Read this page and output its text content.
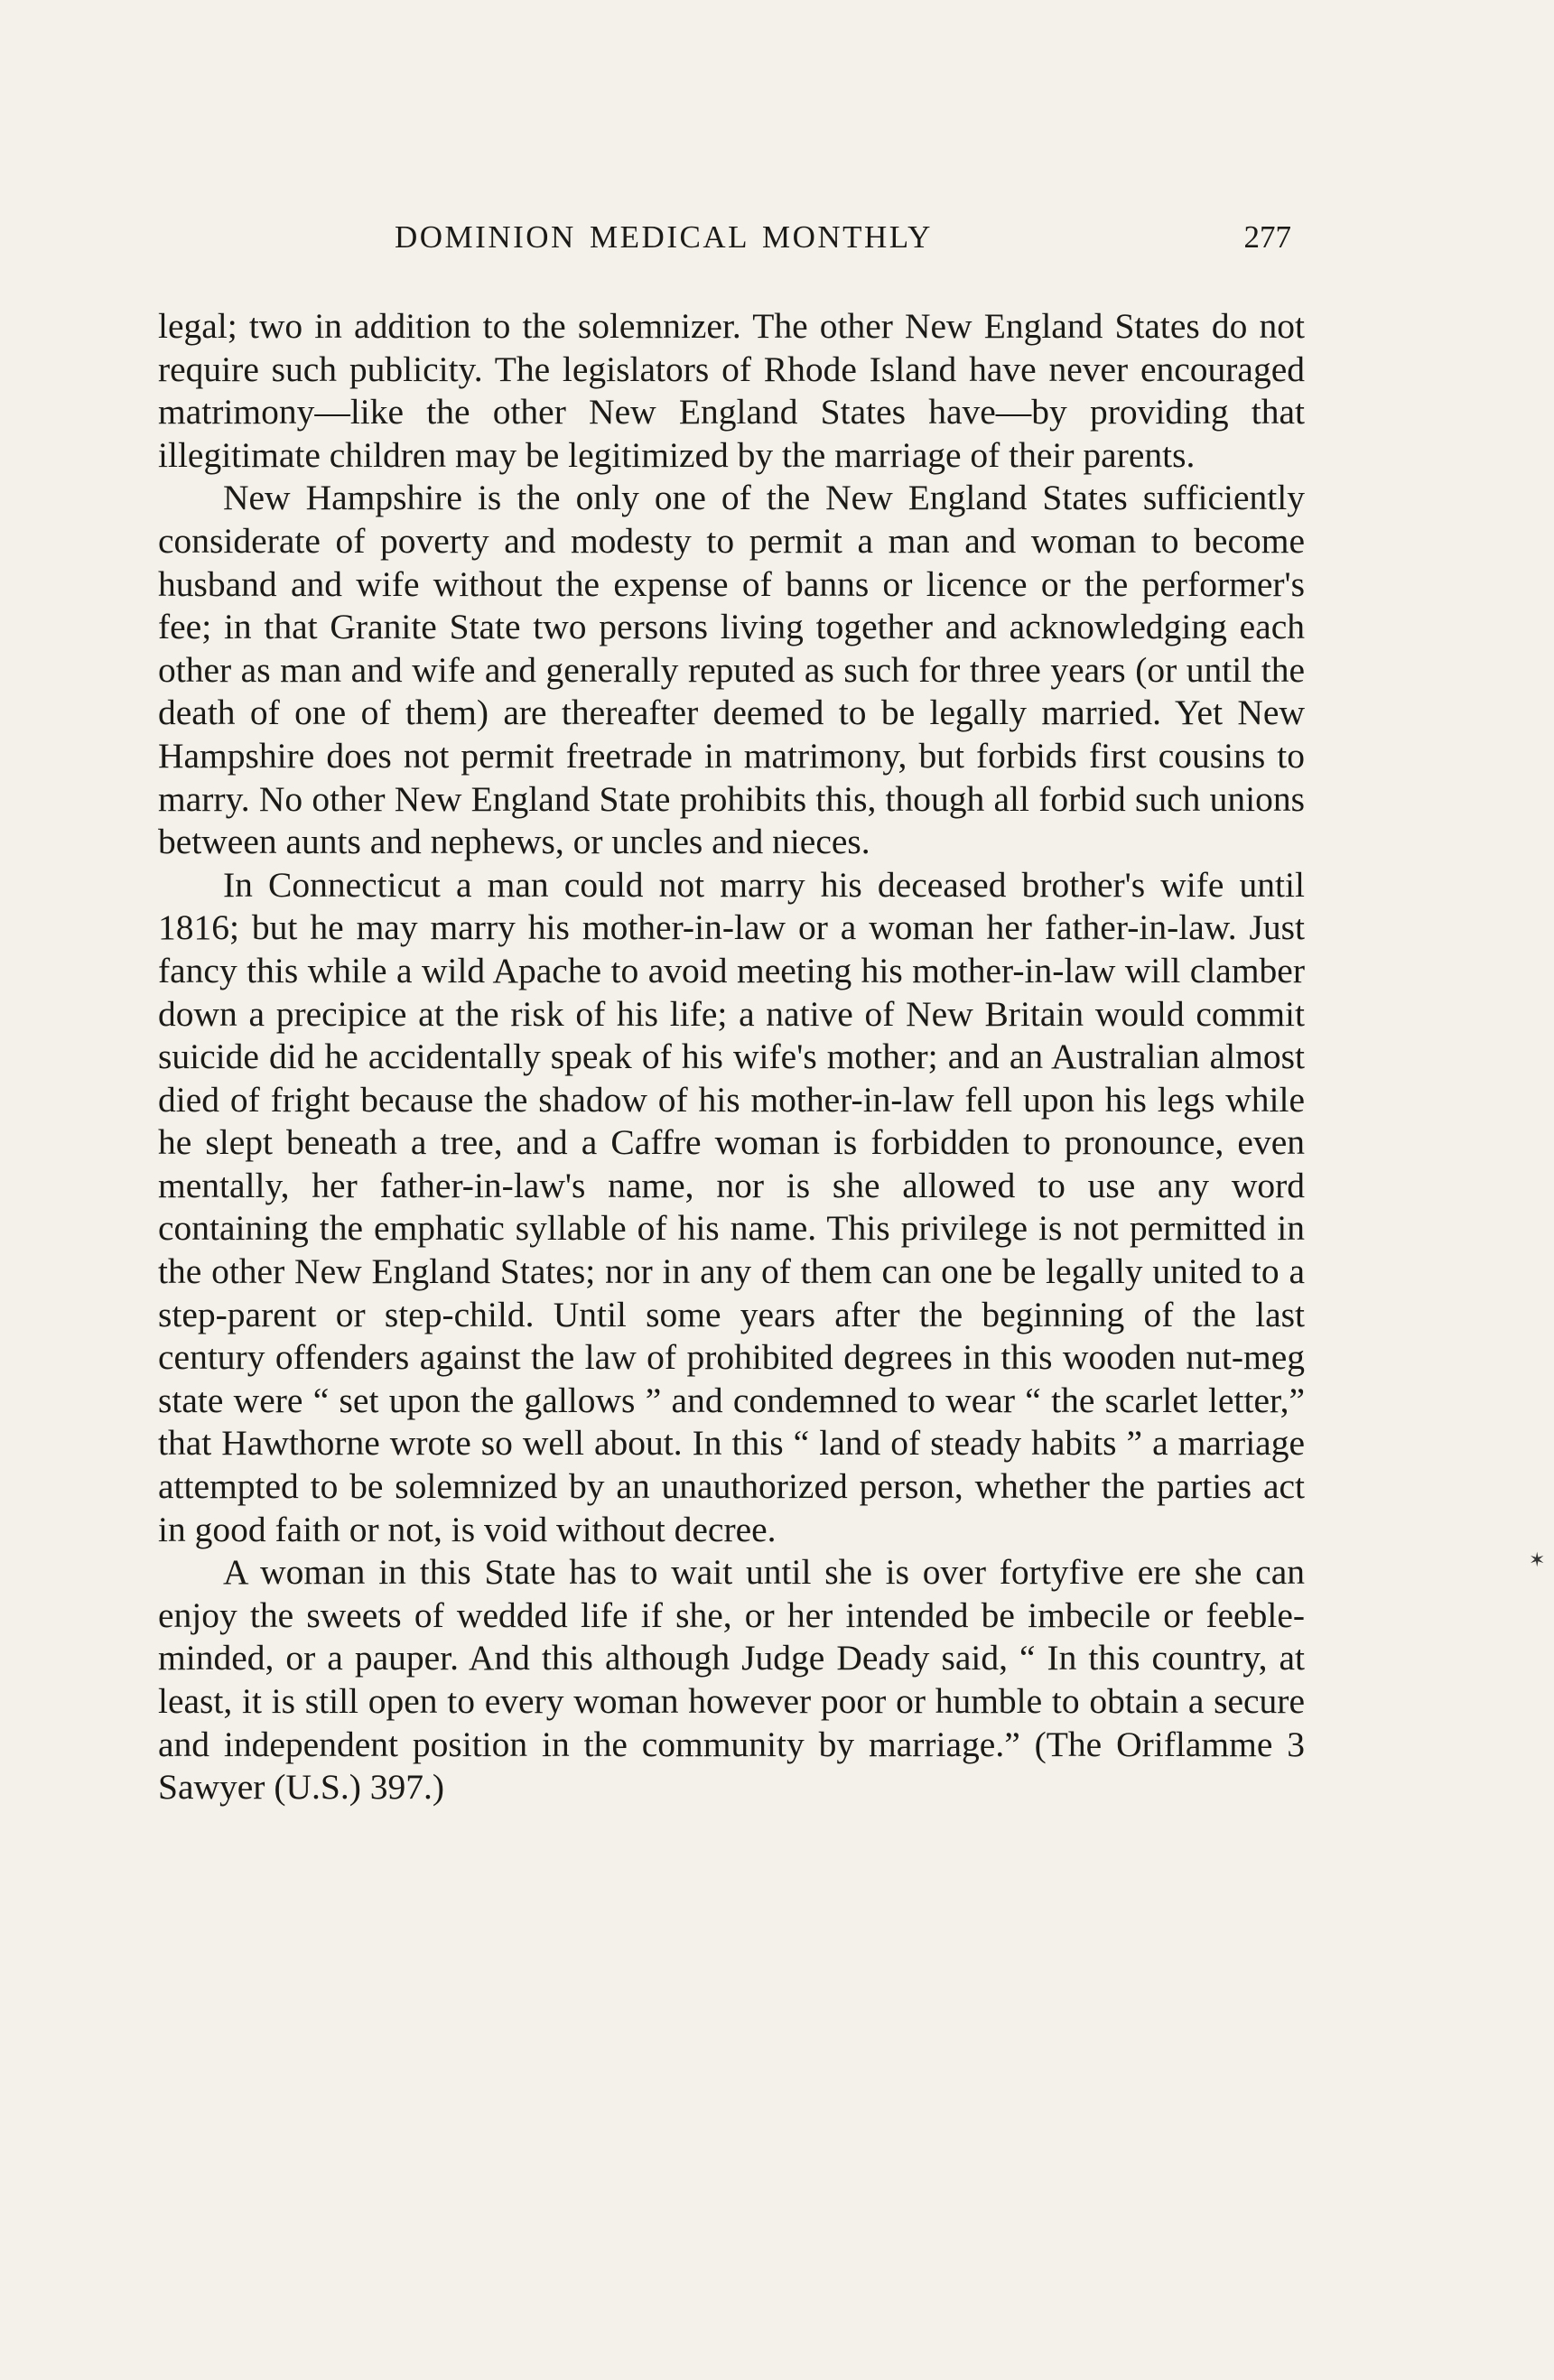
DOMINION MEDICAL MONTHLY	277

legal; two in addition to the solemnizer. The other New England States do not require such publicity. The legislators of Rhode Island have never encouraged matrimony—like the other New England States have—by providing that illegitimate children may be legitimized by the marriage of their parents.

New Hampshire is the only one of the New England States sufficiently considerate of poverty and modesty to permit a man and woman to become husband and wife without the expense of banns or licence or the performer's fee; in that Granite State two persons living together and acknowledging each other as man and wife and generally reputed as such for three years (or until the death of one of them) are thereafter deemed to be legally married. Yet New Hampshire does not permit freetrade in matrimony, but forbids first cousins to marry. No other New England State prohibits this, though all forbid such unions between aunts and nephews, or uncles and nieces.

In Connecticut a man could not marry his deceased brother's wife until 1816; but he may marry his mother-in-law or a woman her father-in-law. Just fancy this while a wild Apache to avoid meeting his mother-in-law will clamber down a precipice at the risk of his life; a native of New Britain would commit suicide did he accidentally speak of his wife's mother; and an Australian almost died of fright because the shadow of his mother-in-law fell upon his legs while he slept beneath a tree, and a Caffre woman is forbidden to pronounce, even mentally, her father-in-law's name, nor is she allowed to use any word containing the emphatic syllable of his name. This privilege is not permitted in the other New England States; nor in any of them can one be legally united to a step-parent or step-child. Until some years after the beginning of the last century offenders against the law of prohibited degrees in this wooden nut-meg state were “ set upon the gallows ” and condemned to wear “ the scarlet letter,” that Hawthorne wrote so well about. In this “ land of steady habits ” a marriage attempted to be solemnized by an unauthorized person, whether the parties act in good faith or not, is void without decree.

A woman in this State has to wait until she is over fortyfive ere she can enjoy the sweets of wedded life if she, or her intended be imbecile or feeble-minded, or a pauper. And this although Judge Deady said, “ In this country, at least, it is still open to every woman however poor or humble to obtain a secure and independent position in the community by marriage.” (The Oriflamme 3 Sawyer (U.S.) 397.)

✶
